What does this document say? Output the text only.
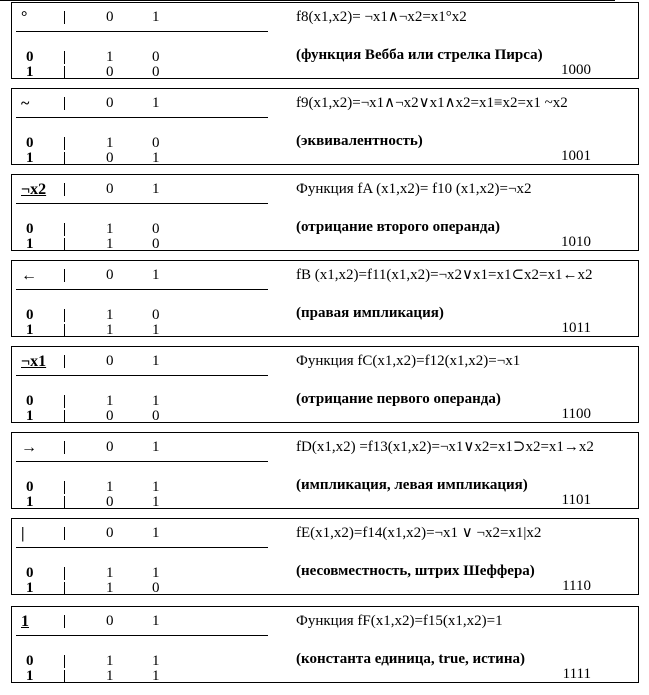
°	0	1
0	1	0
1	0	0
f8(x1,x2)= ¬x1∧¬x2=x1°x2
(функция Вебба или стрелка Пирса)
1000
~	0	1
0	1	0
1	0	1
f9(x1,x2)=¬x1∧¬x2∨x1∧x2=x1≡x2=x1 ~x2
(эквивалентность)
1001
¬x2	0	1
0	1	0
1	1	0
Функция fA (x1,x2)= f10 (x1,x2)=¬x2
(отрицание второго операнда)
1010
←	0	1
0	1	0
1	1	1
fB (x1,x2)=f11(x1,x2)=¬x2∨x1=x1⊂x2=x1←x2
(правая импликация)
1011
¬x1	0	1
0	1	1
1	0	0
Функция fC(x1,x2)=f12(x1,x2)=¬x1
(отрицание первого операнда)
1100
→	0	1
0	1	1
1	0	1
fD(x1,x2) =f13(x1,x2)=¬x1∨x2=x1⊃x2=x1→x2
(импликация, левая импликация)
1101
|	0	1
0	1	1
1	1	0
fE(x1,x2)=f14(x1,x2)=¬x1 ∨ ¬x2=x1|x2
(несовместность, штрих Шеффера)
1110
1	0	1
0	1	1
1	1	1
Функция fF(x1,x2)=f15(x1,x2)=1
(константа единица, true, истина)
1111
